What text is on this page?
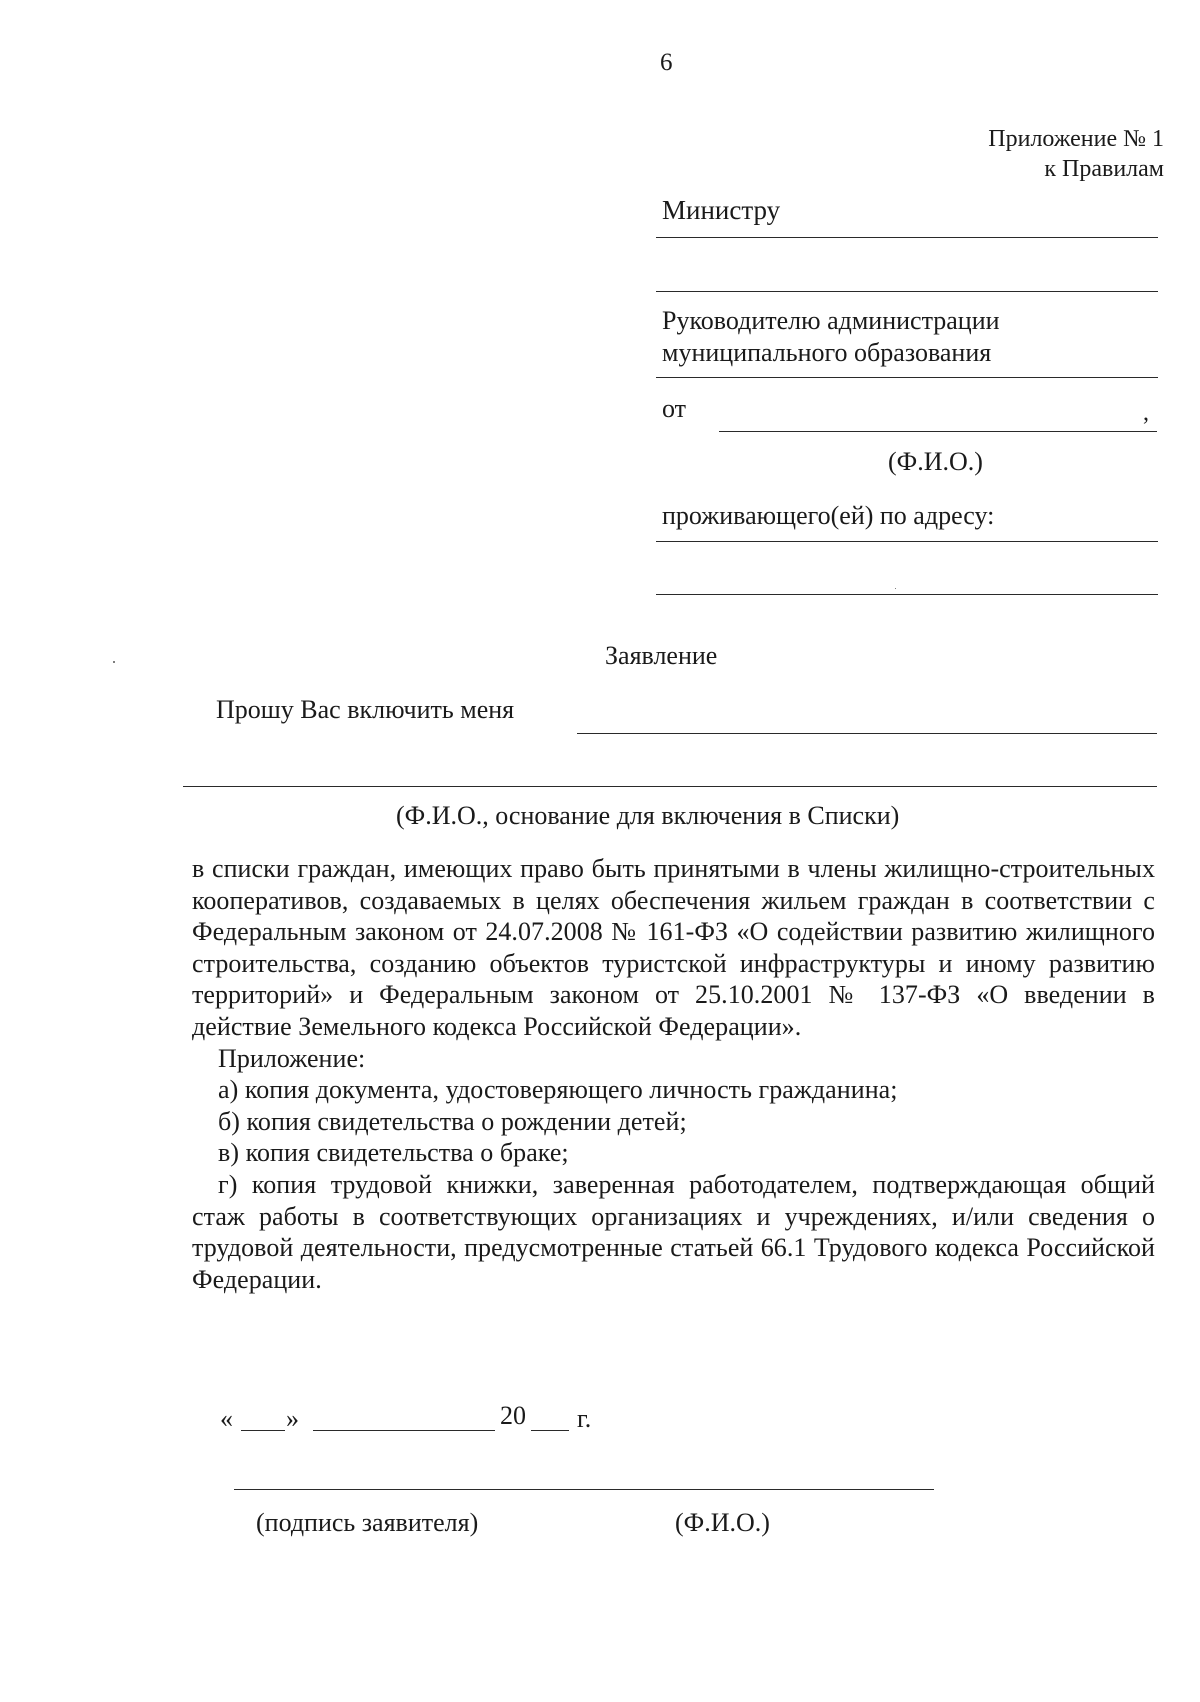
6
Приложение № 1
к Правилам
Министру
Руководителю администрации
муниципального образования
от	,
(Ф.И.О.)
проживающего(ей) по адресу:
Заявление
Прошу Вас включить меня
(Ф.И.О., основание для включения в Списки)

в списки граждан, имеющих право быть принятыми в члены жилищно-строительных кооперативов, создаваемых в целях обеспечения жильем граждан в соответствии с Федеральным законом от 24.07.2008 № 161-ФЗ «О содействии развитию жилищного строительства, созданию объектов туристской инфраструктуры и иному развитию территорий» и Федеральным законом от 25.10.2001 № 137-ФЗ «О введении в действие Земельного кодекса Российской Федерации».

Приложение:

а) копия документа, удостоверяющего личность гражданина;

б) копия свидетельства о рождении детей;

в) копия свидетельства о браке;

г) копия трудовой книжки, заверенная работодателем, подтверждающая общий стаж работы в соответствующих организациях и учреждениях, и/или сведения о трудовой деятельности, предусмотренные статьей 66.1 Трудового кодекса Российской Федерации.

« »	20 г.
(подпись заявителя)	(Ф.И.О.)
